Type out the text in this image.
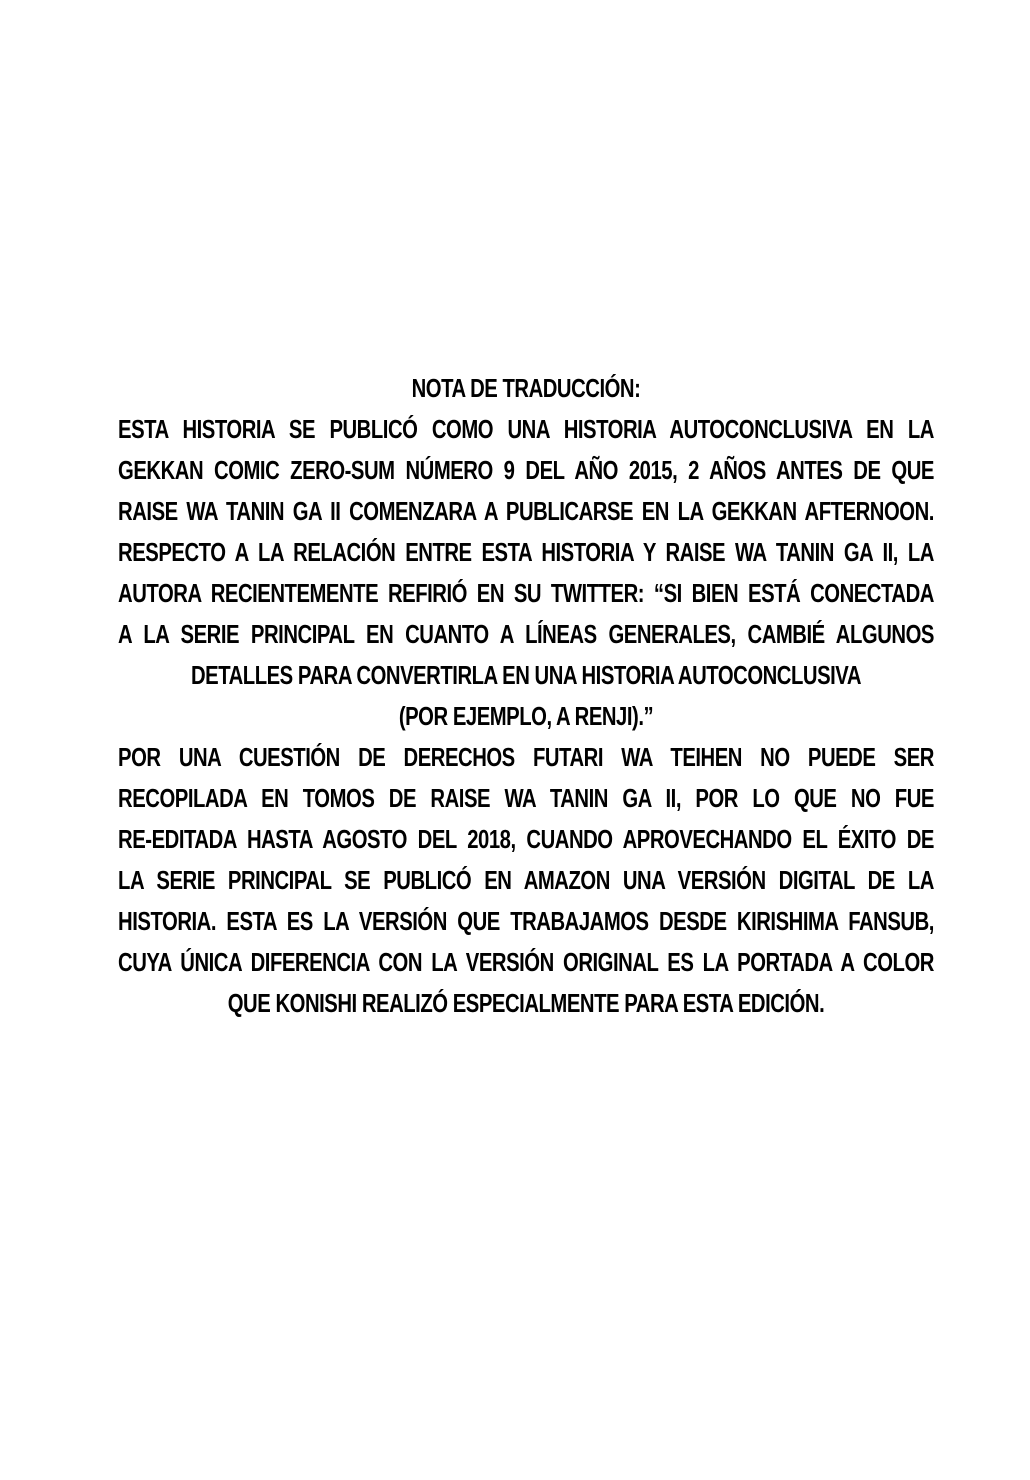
NOTA DE TRADUCCIÓN:
ESTA HISTORIA SE PUBLICÓ COMO UNA HISTORIA AUTOCONCLUSIVA EN LA
GEKKAN COMIC ZERO-SUM NÚMERO 9 DEL AÑO 2015, 2 AÑOS ANTES DE QUE
RAISE WA TANIN GA II COMENZARA A PUBLICARSE EN LA GEKKAN AFTERNOON.
RESPECTO A LA RELACIÓN ENTRE ESTA HISTORIA Y RAISE WA TANIN GA II, LA
AUTORA RECIENTEMENTE REFIRIÓ EN SU TWITTER: “SI BIEN ESTÁ CONECTADA
A LA SERIE PRINCIPAL EN CUANTO A LÍNEAS GENERALES, CAMBIÉ ALGUNOS
DETALLES PARA CONVERTIRLA EN UNA HISTORIA AUTOCONCLUSIVA
(POR EJEMPLO, A RENJI).”
POR UNA CUESTIÓN DE DERECHOS FUTARI WA TEIHEN NO PUEDE SER
RECOPILADA EN TOMOS DE RAISE WA TANIN GA II, POR LO QUE NO FUE
RE-EDITADA HASTA AGOSTO DEL 2018, CUANDO APROVECHANDO EL ÉXITO DE
LA SERIE PRINCIPAL SE PUBLICÓ EN AMAZON UNA VERSIÓN DIGITAL DE LA
HISTORIA. ESTA ES LA VERSIÓN QUE TRABAJAMOS DESDE KIRISHIMA FANSUB,
CUYA ÚNICA DIFERENCIA CON LA VERSIÓN ORIGINAL ES LA PORTADA A COLOR
QUE KONISHI REALIZÓ ESPECIALMENTE PARA ESTA EDICIÓN.
